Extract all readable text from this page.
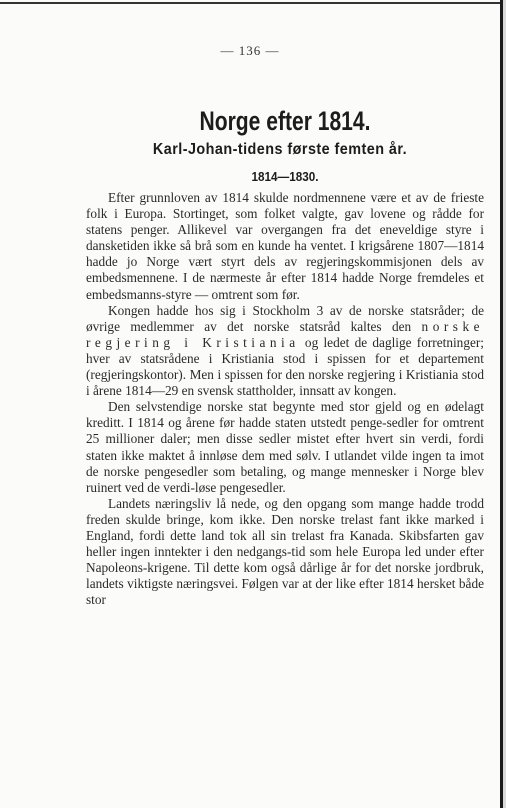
— 136 —
Norge efter 1814.
Karl-Johan-tidens første femten år.
1814—1830.

Efter grunnloven av 1814 skulde nordmennene være et av de frieste folk i Europa. Stortinget, som folket valgte, gav lovene og rådde for statens penger. Allikevel var overgangen fra det eneveldige styre i dansketiden ikke så brå som en kunde ha ventet. I krigsårene 1807—1814 hadde jo Norge vært styrt dels av regjeringskommisjonen dels av embedsmennene. I de nærmeste år efter 1814 hadde Norge fremdeles et embedsmanns-styre — omtrent som før.

Kongen hadde hos sig i Stockholm 3 av de norske statsråder; de øvrige medlemmer av det norske statsråd kaltes den norske regjering i Kristiania og ledet de daglige forretninger; hver av statsrådene i Kristiania stod i spissen for et departement (regjeringskontor). Men i spissen for den norske regjering i Kristiania stod i årene 1814—29 en svensk stattholder, innsatt av kongen.

Den selvstendige norske stat begynte med stor gjeld og en ødelagt kreditt. I 1814 og årene før hadde staten utstedt penge-sedler for omtrent 25 millioner daler; men disse sedler mistet efter hvert sin verdi, fordi staten ikke maktet å innløse dem med sølv. I utlandet vilde ingen ta imot de norske pengesedler som betaling, og mange mennesker i Norge blev ruinert ved de verdi-løse pengesedler.

Landets næringsliv lå nede, og den opgang som mange hadde trodd freden skulde bringe, kom ikke. Den norske trelast fant ikke marked i England, fordi dette land tok all sin trelast fra Kanada. Skibsfarten gav heller ingen inntekter i den nedgangs-tid som hele Europa led under efter Napoleons-krigene. Til dette kom også dårlige år for det norske jordbruk, landets viktigste næringsvei. Følgen var at der like efter 1814 hersket både stor
